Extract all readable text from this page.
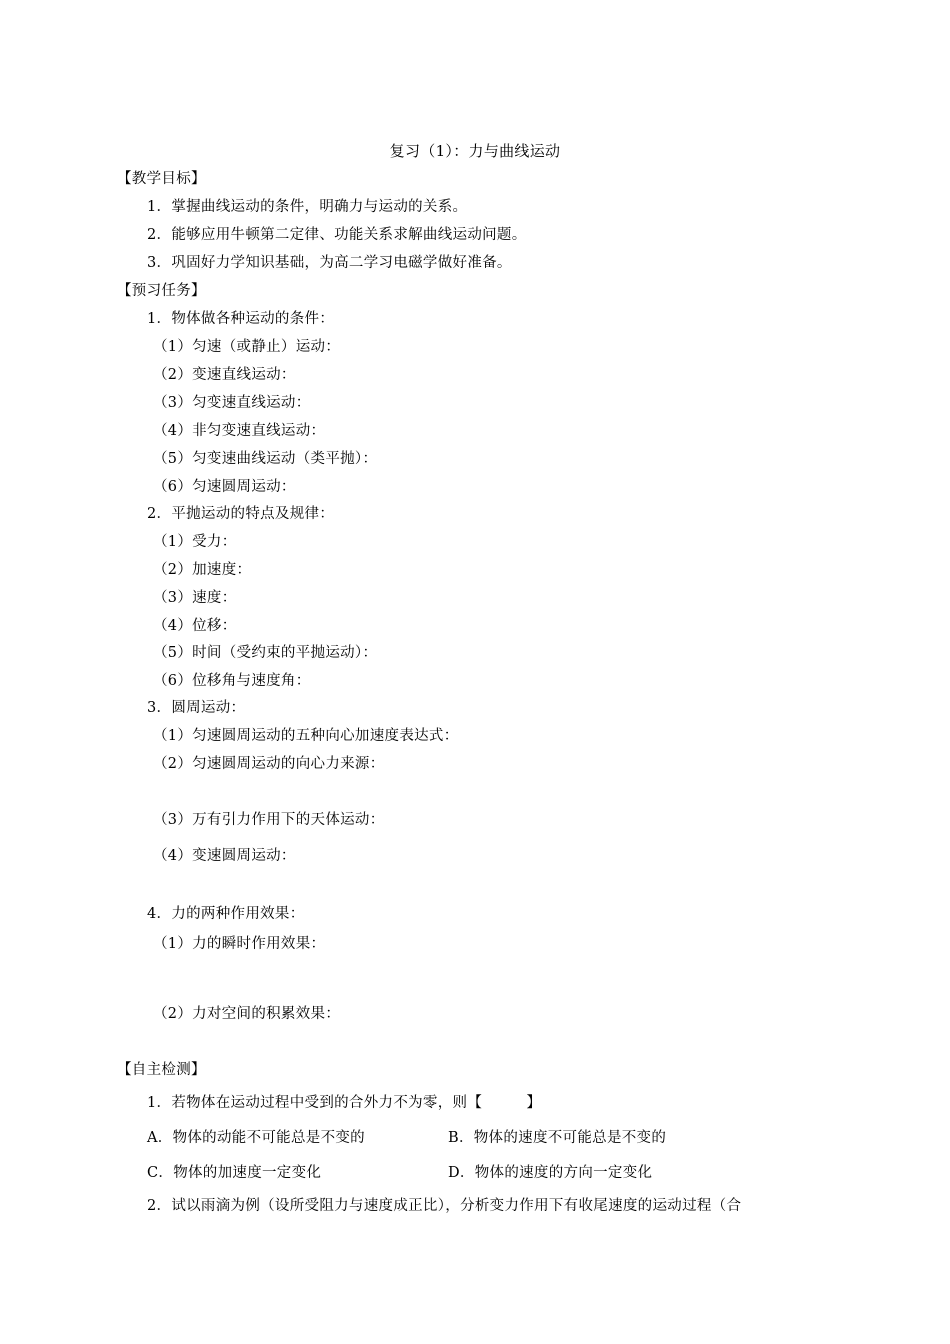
复习（1）：力与曲线运动
【教学目标】
1．掌握曲线运动的条件，明确力与运动的关系。
2．能够应用牛顿第二定律、功能关系求解曲线运动问题。
3．巩固好力学知识基础，为高二学习电磁学做好准备。
【预习任务】
1．物体做各种运动的条件：
（1）匀速（或静止）运动：
（2）变速直线运动：
（3）匀变速直线运动：
（4）非匀变速直线运动：
（5）匀变速曲线运动（类平抛）：
（6）匀速圆周运动：
2．平抛运动的特点及规律：
（1）受力：
（2）加速度：
（3）速度：
（4）位移：
（5）时间（受约束的平抛运动）：
（6）位移角与速度角：
3．圆周运动：
（1）匀速圆周运动的五种向心加速度表达式：
（2）匀速圆周运动的向心力来源：
（3）万有引力作用下的天体运动：
（4）变速圆周运动：
4．力的两种作用效果：
（1）力的瞬时作用效果：
（2）力对空间的积累效果：
【自主检测】
1．若物体在运动过程中受到的合外力不为零，则【　　　】
A．物体的动能不可能总是不变的	B．物体的速度不可能总是不变的
C．物体的加速度一定变化	D．物体的速度的方向一定变化
2．试以雨滴为例（设所受阻力与速度成正比），分析变力作用下有收尾速度的运动过程（合
